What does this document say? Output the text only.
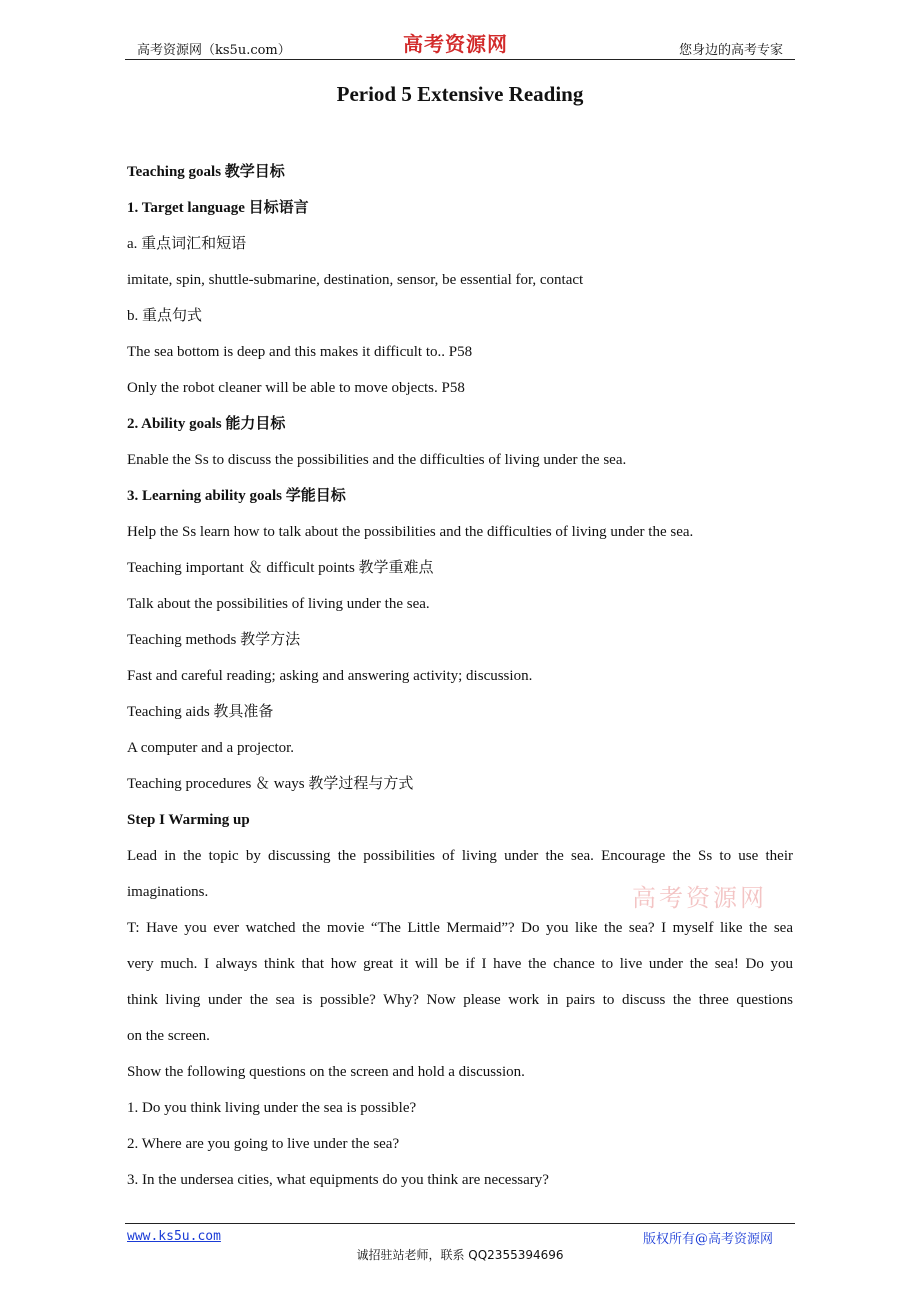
高考资源网（ks5u.com）	高考资源网	您身边的高考专家
Period 5 Extensive Reading
Teaching goals 教学目标
1. Target language 目标语言
a. 重点词汇和短语
imitate, spin, shuttle-submarine, destination, sensor, be essential for, contact
b. 重点句式
The sea bottom is deep and this makes it difficult to.. P58
Only the robot cleaner will be able to move objects. P58
2. Ability goals 能力目标
Enable the Ss to discuss the possibilities and the difficulties of living under the sea.
3. Learning ability goals 学能目标
Help the Ss learn how to talk about the possibilities and the difficulties of living under the sea.
Teaching important ＆ difficult points 教学重难点
Talk about the possibilities of living under the sea.
Teaching methods 教学方法
Fast and careful reading; asking and answering activity; discussion.
Teaching aids 教具准备
A computer and a projector.
Teaching procedures ＆ ways 教学过程与方式
Step I Warming up
Lead in the topic by discussing the possibilities of living under the sea. Encourage the Ss to use their
imaginations.
T: Have you ever watched the movie “The Little Mermaid”? Do you like the sea? I myself like the sea
very much. I always think that how great it will be if I have the chance to live under the sea! Do you
think living under the sea is possible? Why? Now please work in pairs to discuss the three questions
on the screen.
Show the following questions on the screen and hold a discussion.
1. Do you think living under the sea is possible?
2. Where are you going to live under the sea?
3. In the undersea cities, what equipments do you think are necessary?
高考资源网
www.ks5u.com	版权所有@高考资源网
诚招驻站老师，联系 QQ2355394696
